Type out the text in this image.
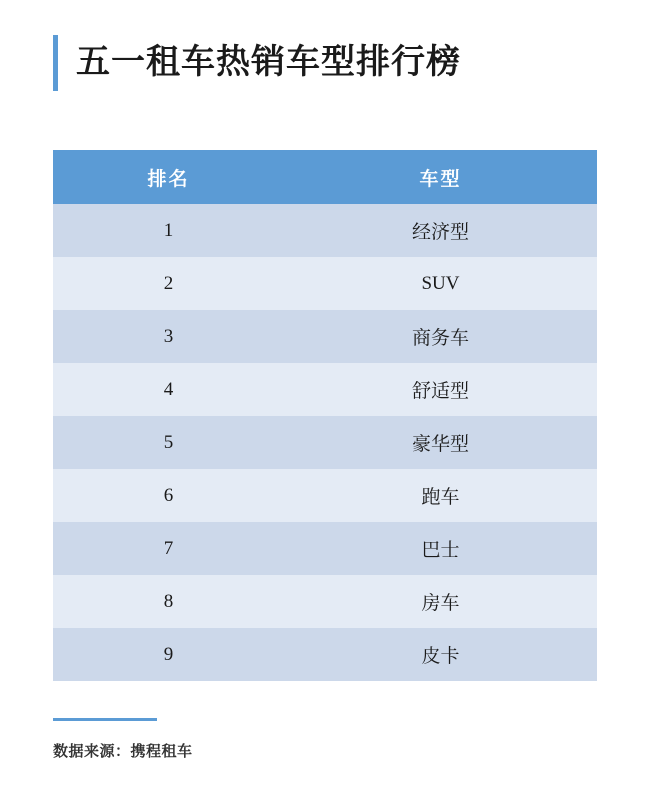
五一租车热销车型排行榜
排名	车型
1	经济型
2	SUV
3	商务车
4	舒适型
5	豪华型
6	跑车
7	巴士
8	房车
9	皮卡
数据来源：携程租车
